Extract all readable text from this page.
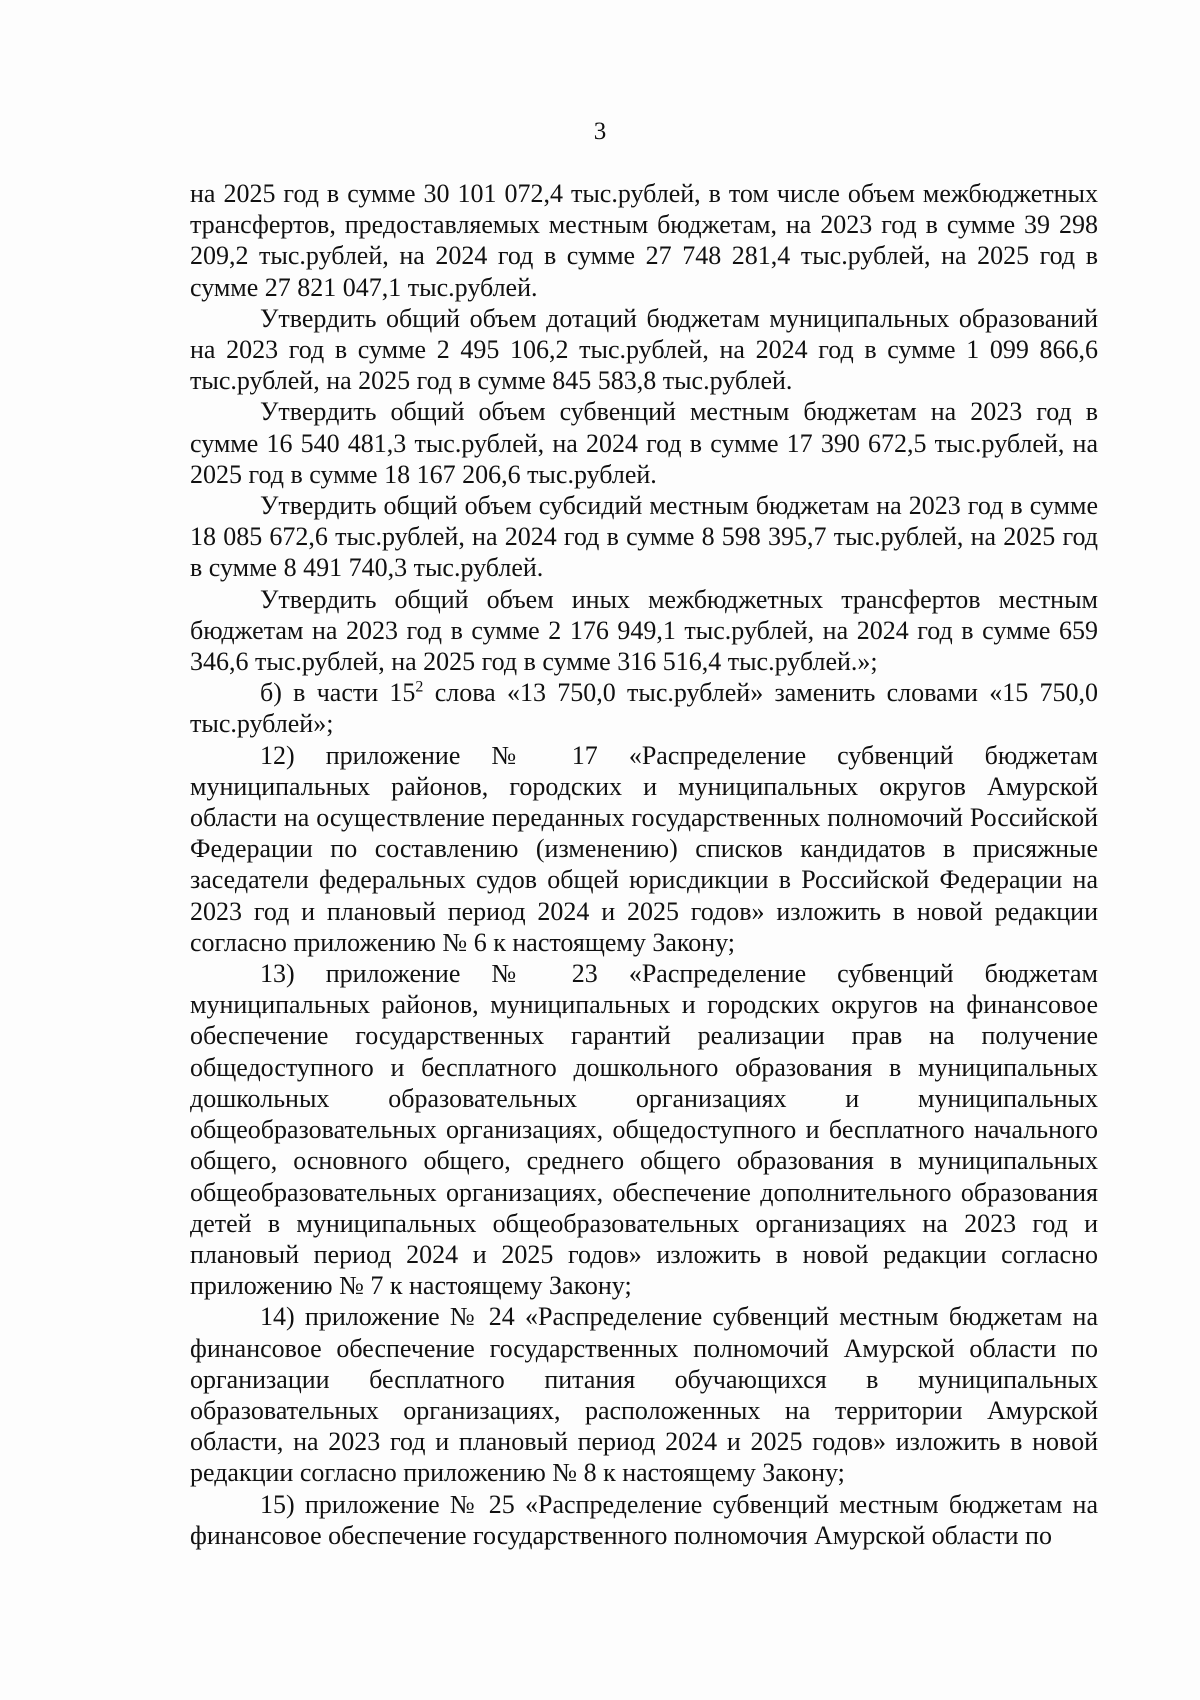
3

на 2025 год в сумме 30 101 072,4 тыс.рублей, в том числе объем межбюджетных трансфертов, предоставляемых местным бюджетам, на 2023 год в сумме 39 298 209,2 тыс.рублей, на 2024 год в сумме 27 748 281,4 тыс.рублей, на 2025 год в сумме 27 821 047,1 тыс.рублей.

Утвердить общий объем дотаций бюджетам муниципальных образований на 2023 год в сумме 2 495 106,2 тыс.рублей, на 2024 год в сумме 1 099 866,6 тыс.рублей, на 2025 год в сумме 845 583,8 тыс.рублей.

Утвердить общий объем субвенций местным бюджетам на 2023 год в сумме 16 540 481,3 тыс.рублей, на 2024 год в сумме 17 390 672,5 тыс.рублей, на 2025 год в сумме 18 167 206,6 тыс.рублей.

Утвердить общий объем субсидий местным бюджетам на 2023 год в сумме 18 085 672,6 тыс.рублей, на 2024 год в сумме 8 598 395,7 тыс.рублей, на 2025 год в сумме 8 491 740,3 тыс.рублей.

Утвердить общий объем иных межбюджетных трансфертов местным бюджетам на 2023 год в сумме 2 176 949,1 тыс.рублей, на 2024 год в сумме 659 346,6 тыс.рублей, на 2025 год в сумме 316 516,4 тыс.рублей.»;

б) в части $15^2$ слова «13 750,0 тыс.рублей» заменить словами «15 750,0 тыс.рублей»;

12) приложение № 17 «Распределение субвенций бюджетам муниципальных районов, городских и муниципальных округов Амурской области на осуществление переданных государственных полномочий Российской Федерации по составлению (изменению) списков кандидатов в присяжные заседатели федеральных судов общей юрисдикции в Российской Федерации на 2023 год и плановый период 2024 и 2025 годов» изложить в новой редакции согласно приложению № 6 к настоящему Закону;

13) приложение № 23 «Распределение субвенций бюджетам муниципальных районов, муниципальных и городских округов на финансовое обеспечение государственных гарантий реализации прав на получение общедоступного и бесплатного дошкольного образования в муниципальных дошкольных образовательных организациях и муниципальных общеобразовательных организациях, общедоступного и бесплатного начального общего, основного общего, среднего общего образования в муниципальных общеобразовательных организациях, обеспечение дополнительного образования детей в муниципальных общеобразовательных организациях на 2023 год и плановый период 2024 и 2025 годов» изложить в новой редакции согласно приложению № 7 к настоящему Закону;

14) приложение № 24 «Распределение субвенций местным бюджетам на финансовое обеспечение государственных полномочий Амурской области по организации бесплатного питания обучающихся в муниципальных образовательных организациях, расположенных на территории Амурской области, на 2023 год и плановый период 2024 и 2025 годов» изложить в новой редакции согласно приложению № 8 к настоящему Закону;

15) приложение № 25 «Распределение субвенций местным бюджетам на финансовое обеспечение государственного полномочия Амурской области по
